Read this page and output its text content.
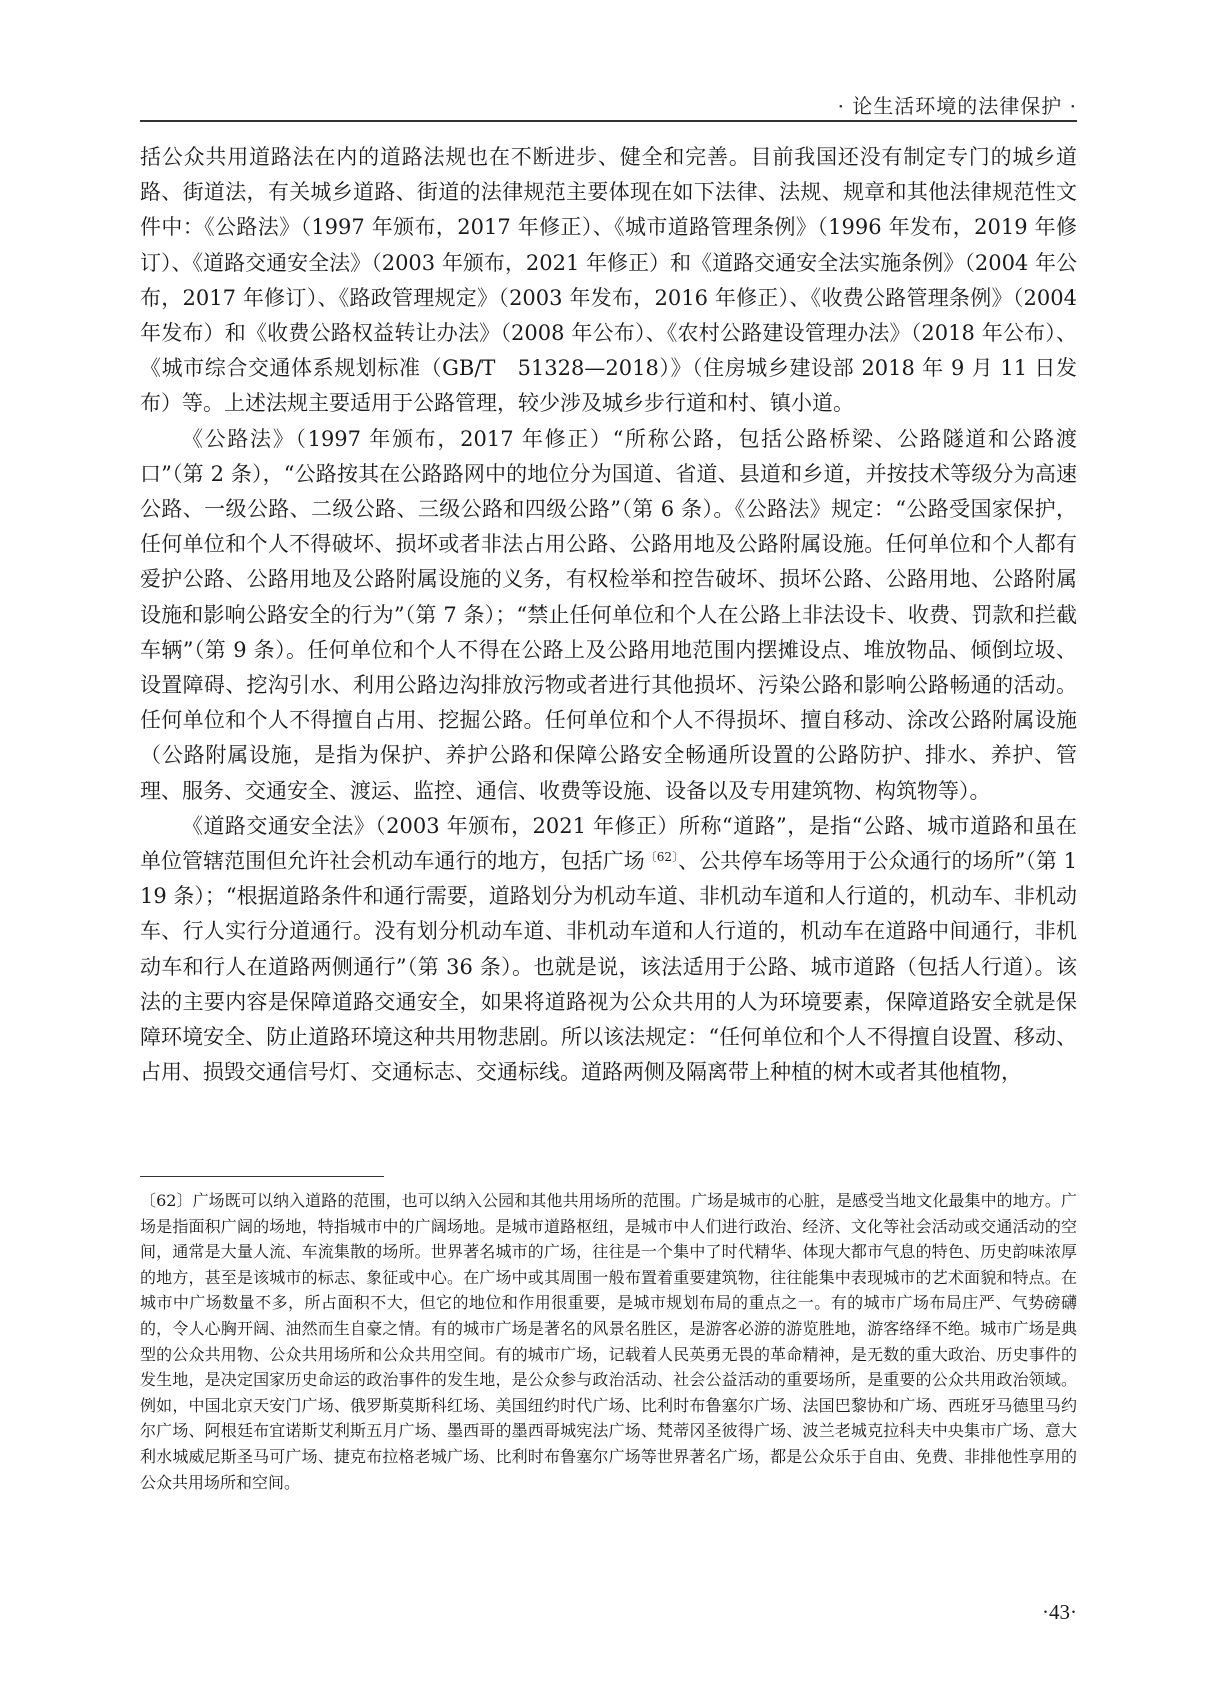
· 论生活环境的法律保护 ·

括公众共用道路法在内的道路法规也在不断进步、健全和完善。目前我国还没有制定专门的城乡道路、街道法，有关城乡道路、街道的法律规范主要体现在如下法律、法规、规章和其他法律规范性文件中：《公路法》（1997 年颁布，2017 年修正）、《城市道路管理条例》（1996 年发布，2019 年修订）、《道路交通安全法》（2003 年颁布，2021 年修正）和《道路交通安全法实施条例》（2004 年公布，2017 年修订）、《路政管理规定》（2003 年发布，2016 年修正）、《收费公路管理条例》（2004 年发布）和《收费公路权益转让办法》（2008 年公布）、《农村公路建设管理办法》（2018 年公布）、《城市综合交通体系规划标准（GB/T　51328—2018）》（住房城乡建设部 2018 年 9 月 11 日发布）等。上述法规主要适用于公路管理，较少涉及城乡步行道和村、镇小道。

《公路法》（1997 年颁布，2017 年修正）“所称公路，包括公路桥梁、公路隧道和公路渡口”（第 2 条），“公路按其在公路路网中的地位分为国道、省道、县道和乡道，并按技术等级分为高速公路、一级公路、二级公路、三级公路和四级公路”（第 6 条）。《公路法》规定：“公路受国家保护，任何单位和个人不得破坏、损坏或者非法占用公路、公路用地及公路附属设施。任何单位和个人都有爱护公路、公路用地及公路附属设施的义务，有权检举和控告破坏、损坏公路、公路用地、公路附属设施和影响公路安全的行为”（第 7 条）；“禁止任何单位和个人在公路上非法设卡、收费、罚款和拦截车辆”（第 9 条）。任何单位和个人不得在公路上及公路用地范围内摆摊设点、堆放物品、倾倒垃圾、设置障碍、挖沟引水、利用公路边沟排放污物或者进行其他损坏、污染公路和影响公路畅通的活动。任何单位和个人不得擅自占用、挖掘公路。任何单位和个人不得损坏、擅自移动、涂改公路附属设施（公路附属设施，是指为保护、养护公路和保障公路安全畅通所设置的公路防护、排水、养护、管理、服务、交通安全、渡运、监控、通信、收费等设施、设备以及专用建筑物、构筑物等）。

《道路交通安全法》（2003 年颁布，2021 年修正）所称“道路”，是指“公路、城市道路和虽在单位管辖范围但允许社会机动车通行的地方，包括广场$^{〔62〕}$、公共停车场等用于公众通行的场所”（第 119 条）；“根据道路条件和通行需要，道路划分为机动车道、非机动车道和人行道的，机动车、非机动车、行人实行分道通行。没有划分机动车道、非机动车道和人行道的，机动车在道路中间通行，非机动车和行人在道路两侧通行”（第 36 条）。也就是说，该法适用于公路、城市道路（包括人行道）。该法的主要内容是保障道路交通安全，如果将道路视为公众共用的人为环境要素，保障道路安全就是保障环境安全、防止道路环境这种共用物悲剧。所以该法规定：“任何单位和个人不得擅自设置、移动、占用、损毁交通信号灯、交通标志、交通标线。道路两侧及隔离带上种植的树木或者其他植物，

〔62〕广场既可以纳入道路的范围，也可以纳入公园和其他共用场所的范围。广场是城市的心脏，是感受当地文化最集中的地方。广场是指面积广阔的场地，特指城市中的广阔场地。是城市道路枢纽，是城市中人们进行政治、经济、文化等社会活动或交通活动的空间，通常是大量人流、车流集散的场所。世界著名城市的广场，往往是一个集中了时代精华、体现大都市气息的特色、历史韵味浓厚的地方，甚至是该城市的标志、象征或中心。在广场中或其周围一般布置着重要建筑物，往往能集中表现城市的艺术面貌和特点。在城市中广场数量不多，所占面积不大，但它的地位和作用很重要，是城市规划布局的重点之一。有的城市广场布局庄严、气势磅礴的，令人心胸开阔、油然而生自豪之情。有的城市广场是著名的风景名胜区，是游客必游的游览胜地，游客络绎不绝。城市广场是典型的公众共用物、公众共用场所和公众共用空间。有的城市广场，记载着人民英勇无畏的革命精神，是无数的重大政治、历史事件的发生地，是决定国家历史命运的政治事件的发生地，是公众参与政治活动、社会公益活动的重要场所，是重要的公众共用政治领域。例如，中国北京天安门广场、俄罗斯莫斯科红场、美国纽约时代广场、比利时布鲁塞尔广场、法国巴黎协和广场、西班牙马德里马约尔广场、阿根廷布宜诺斯艾利斯五月广场、墨西哥的墨西哥城宪法广场、梵蒂冈圣彼得广场、波兰老城克拉科夫中央集市广场、意大利水城威尼斯圣马可广场、捷克布拉格老城广场、比利时布鲁塞尔广场等世界著名广场，都是公众乐于自由、免费、非排他性享用的公众共用场所和空间。

·43·
